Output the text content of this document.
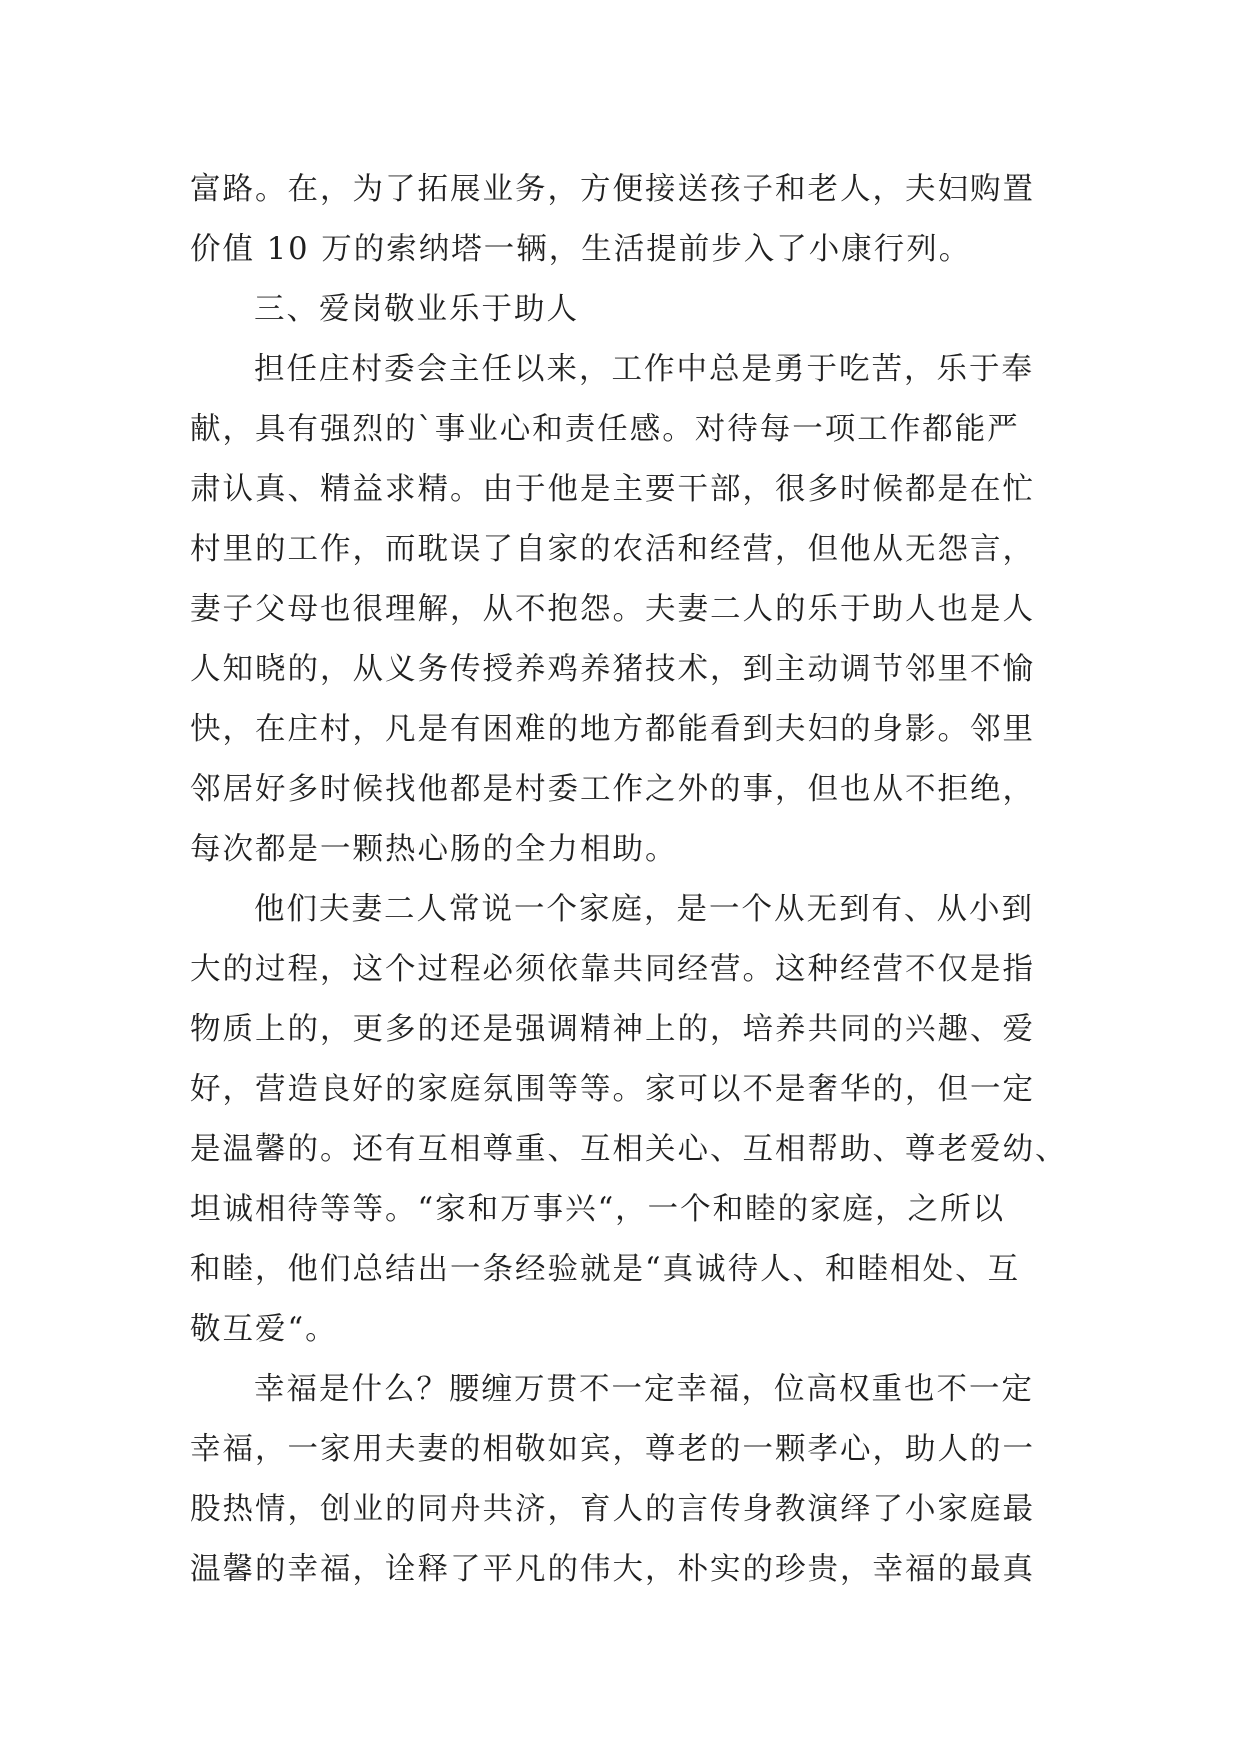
富路。在，为了拓展业务，方便接送孩子和老人，夫妇购置
价值 10 万的索纳塔一辆，生活提前步入了小康行列。
三、爱岗敬业乐于助人
担任庄村委会主任以来，工作中总是勇于吃苦，乐于奉
献，具有强烈的`事业心和责任感。对待每一项工作都能严
肃认真、精益求精。由于他是主要干部，很多时候都是在忙
村里的工作，而耽误了自家的农活和经营，但他从无怨言，
妻子父母也很理解，从不抱怨。夫妻二人的乐于助人也是人
人知晓的，从义务传授养鸡养猪技术，到主动调节邻里不愉
快，在庄村，凡是有困难的地方都能看到夫妇的身影。邻里
邻居好多时候找他都是村委工作之外的事，但也从不拒绝，
每次都是一颗热心肠的全力相助。
他们夫妻二人常说一个家庭，是一个从无到有、从小到
大的过程，这个过程必须依靠共同经营。这种经营不仅是指
物质上的，更多的还是强调精神上的，培养共同的兴趣、爱
好，营造良好的家庭氛围等等。家可以不是奢华的，但一定
是温馨的。还有互相尊重、互相关心、互相帮助、尊老爱幼、
坦诚相待等等。“家和万事兴“，一个和睦的家庭，之所以
和睦，他们总结出一条经验就是“真诚待人、和睦相处、互
敬互爱“。
幸福是什么？腰缠万贯不一定幸福，位高权重也不一定
幸福，一家用夫妻的相敬如宾，尊老的一颗孝心，助人的一
股热情，创业的同舟共济，育人的言传身教演绎了小家庭最
温馨的幸福，诠释了平凡的伟大，朴实的珍贵，幸福的最真
